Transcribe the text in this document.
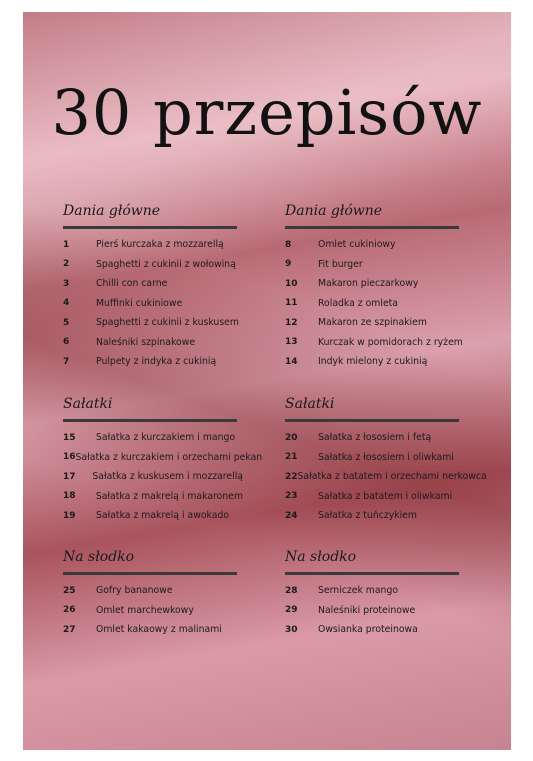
30 przepisów
Dania główne
1	Pierś kurczaka z mozzarellą
2	Spaghetti z cukinii z wołowiną
3	Chilli con carne
4	Muffinki cukiniowe
5	Spaghetti z cukinii z kuskusem
6	Naleśniki szpinakowe
7	Pulpety z indyka z cukinią
Dania główne
8	Omlet cukiniowy
9	Fit burger
10	Makaron pieczarkowy
11	Roladka z omleta
12	Makaron ze szpinakiem
13	Kurczak w pomidorach z ryżem
14	Indyk mielony z cukinią
Sałatki
15	Sałatka z kurczakiem i mango
16 Sałatka z kurczakiem i orzechami pekan
17	Sałatka z kuskusem i mozzarellą
18	Sałatka z makrelą i makaronem
19	Sałatka z makrelą i awokado
Sałatki
20	Sałatka z łososiem i fetą
21	Sałatka z łososiem i oliwkami
22 Sałatka z batatem i orzechami nerkowca
23	Sałatka z batatem i oliwkami
24	Sałatka z tuńczykiem
Na słodko
25	Gofry bananowe
26	Omlet marchewkowy
27	Omlet kakaowy z malinami
Na słodko
28	Serniczek mango
29	Naleśniki proteinowe
30	Owsianka proteinowa
